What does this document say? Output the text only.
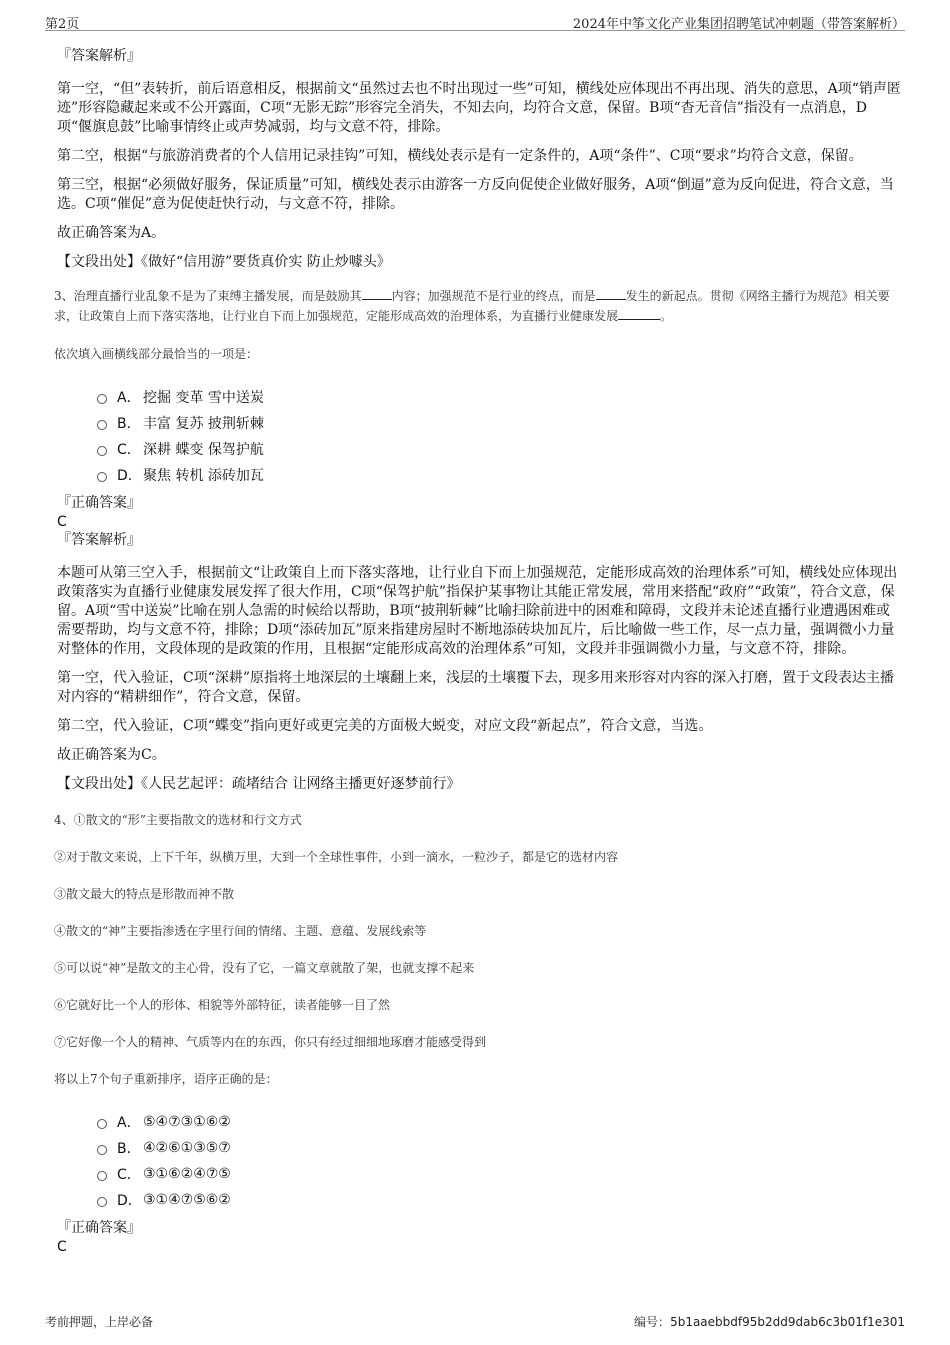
第2页	2024年中筝文化产业集团招聘笔试冲刺题（带答案解析）

『答案解析』

第一空，“但”表转折，前后语意相反，根据前文“虽然过去也不时出现过一些”可知，横线处应体现出不再出现、消失的意思，A项“销声匿迹”形容隐藏起来或不公开露面，C项“无影无踪”形容完全消失，不知去向，均符合文意，保留。B项“杳无音信”指没有一点消息，D项“偃旗息鼓”比喻事情终止或声势减弱，均与文意不符，排除。

第二空，根据“与旅游消费者的个人信用记录挂钩”可知，横线处表示是有一定条件的，A项“条件”、C项“要求”均符合文意，保留。

第三空，根据“必须做好服务，保证质量”可知，横线处表示由游客一方反向促使企业做好服务，A项“倒逼”意为反向促进，符合文意，当选。C项“催促”意为促使赶快行动，与文意不符，排除。

故正确答案为A。

【文段出处】《做好“信用游”要货真价实 防止炒噱头》

3、治理直播行业乱象不是为了束缚主播发展，而是鼓励其	内容；加强规范不是行业的终点，而是	发生的新起点。贯彻《网络主播行为规范》相关要求，让政策自上而下落实落地，让行业自下而上加强规范，定能形成高效的治理体系，为直播行业健康发展	。

依次填入画横线部分最恰当的一项是：

A． 挖掘 变革 雪中送炭
B． 丰富 复苏 披荆斩棘
C． 深耕 蝶变 保驾护航
D． 聚焦 转机 添砖加瓦

『正确答案』

C

『答案解析』

本题可从第三空入手，根据前文“让政策自上而下落实落地，让行业自下而上加强规范，定能形成高效的治理体系”可知，横线处应体现出政策落实为直播行业健康发展发挥了很大作用，C项“保驾护航”指保护某事物让其能正常发展，常用来搭配“政府”“政策”，符合文意，保留。A项“雪中送炭”比喻在别人急需的时候给以帮助，B项“披荆斩棘”比喻扫除前进中的困难和障碍，文段并未论述直播行业遭遇困难或需要帮助，均与文意不符，排除；D项“添砖加瓦”原来指建房屋时不断地添砖块加瓦片，后比喻做一些工作，尽一点力量，强调微小力量对整体的作用，文段体现的是政策的作用，且根据“定能形成高效的治理体系”可知，文段并非强调微小力量，与文意不符，排除。

第一空，代入验证，C项“深耕”原指将土地深层的土壤翻上来，浅层的土壤覆下去，现多用来形容对内容的深入打磨，置于文段表达主播对内容的“精耕细作”，符合文意，保留。

第二空，代入验证，C项“蝶变”指向更好或更完美的方面极大蜕变，对应文段“新起点”，符合文意，当选。

故正确答案为C。

【文段出处】《人民艺起评：疏堵结合 让网络主播更好逐梦前行》

4、①散文的“形”主要指散文的选材和行文方式

②对于散文来说，上下千年，纵横万里，大到一个全球性事件，小到一滴水，一粒沙子，都是它的选材内容

③散文最大的特点是形散而神不散

④散文的“神”主要指渗透在字里行间的情绪、主题、意蕴、发展线索等

⑤可以说“神”是散文的主心骨，没有了它，一篇文章就散了架，也就支撑不起来

⑥它就好比一个人的形体、相貌等外部特征，读者能够一目了然

⑦它好像一个人的精神、气质等内在的东西，你只有经过细细地琢磨才能感受得到

将以上7个句子重新排序，语序正确的是：

A． ⑤④⑦③①⑥②
B． ④②⑥①③⑤⑦
C． ③①⑥②④⑦⑤
D． ③①④⑦⑤⑥②

『正确答案』

C

考前押题，上岸必备	编号：5b1aaebbdf95b2dd9dab6c3b01f1e301
